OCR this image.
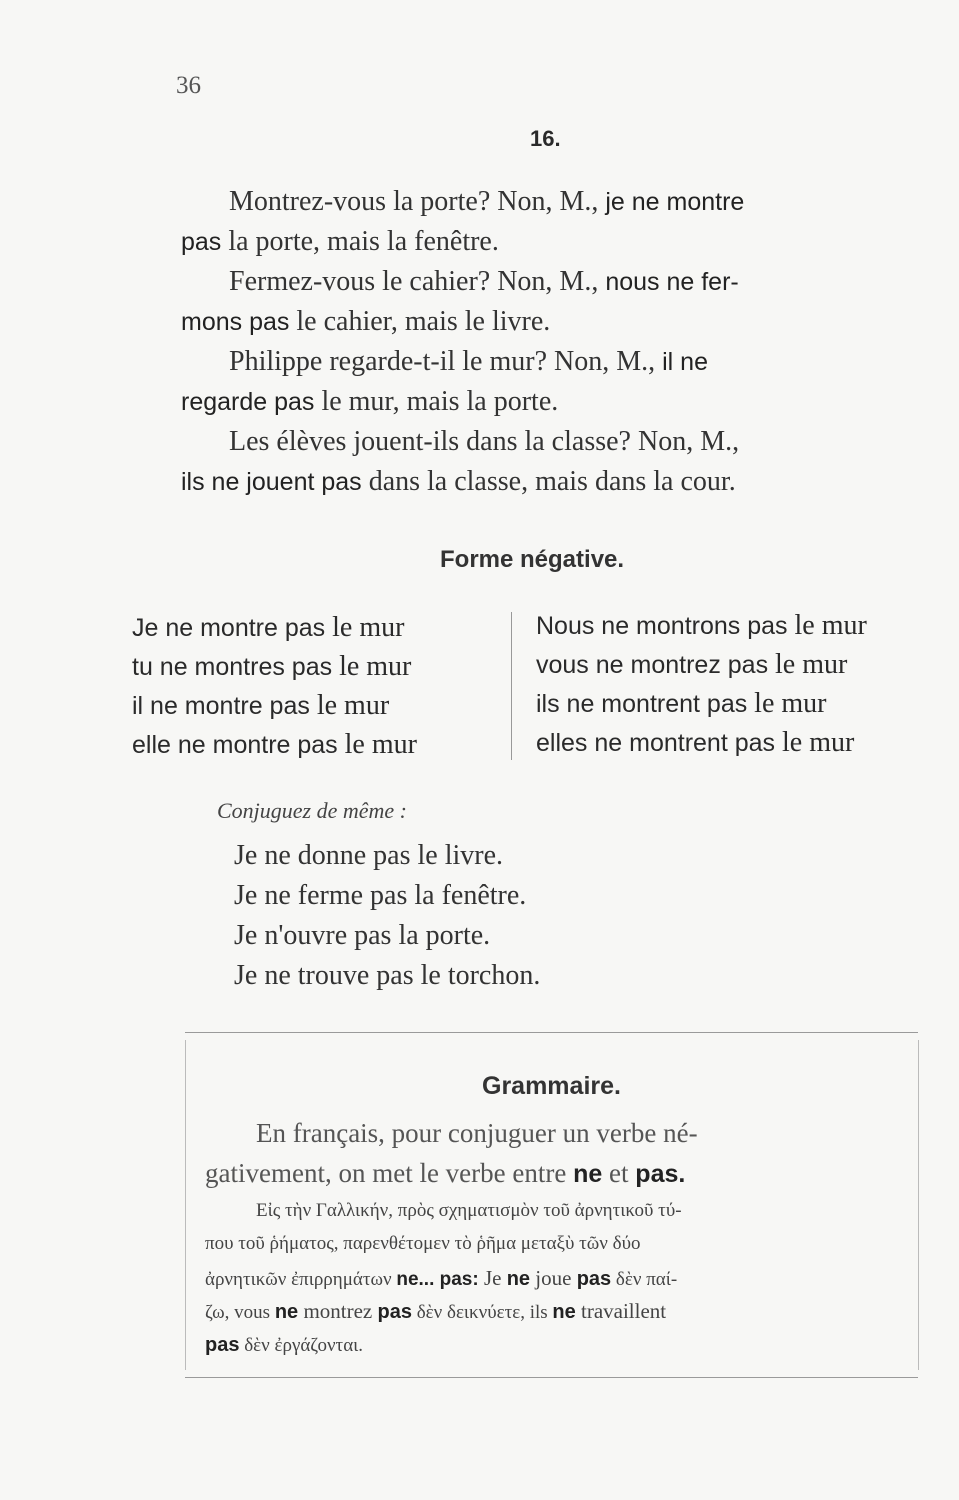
36
16.
Montrez-vous la porte? Non, M., je ne montre
pas la porte, mais la fenêtre.
Fermez-vous le cahier? Non, M., nous ne fer-
mons pas le cahier, mais le livre.
Philippe regarde-t-il le mur? Non, M., il ne
regarde pas le mur, mais la porte.
Les élèves jouent-ils dans la classe? Non, M.,
ils ne jouent pas dans la classe, mais dans la cour.
Forme négative.
Je ne montre pas le mur
tu ne montres pas le mur
il ne montre pas le mur
elle ne montre pas le mur
Nous ne montrons pas le mur
vous ne montrez pas le mur
ils ne montrent pas le mur
elles ne montrent pas le mur
Conjuguez de même :
Je ne donne pas le livre.
Je ne ferme pas la fenêtre.
Je n'ouvre pas la porte.
Je ne trouve pas le torchon.
Grammaire.
En français, pour conjuguer un verbe né-
gativement, on met le verbe entre ne et pas.
Εἰς τὴν Γαλλικήν, πρὸς σχηματισμὸν τοῦ ἀρνητικοῦ τύ-
που τοῦ ῥήματος, παρενθέτομεν τὸ ῥῆμα μεταξὺ τῶν δύο
ἀρνητικῶν ἐπιρρημάτων ne... pas: Je ne joue pas δὲν παί-
ζω, vous ne montrez pas δὲν δεικνύετε, ils ne travaillent
pas δὲν ἐργάζονται.
